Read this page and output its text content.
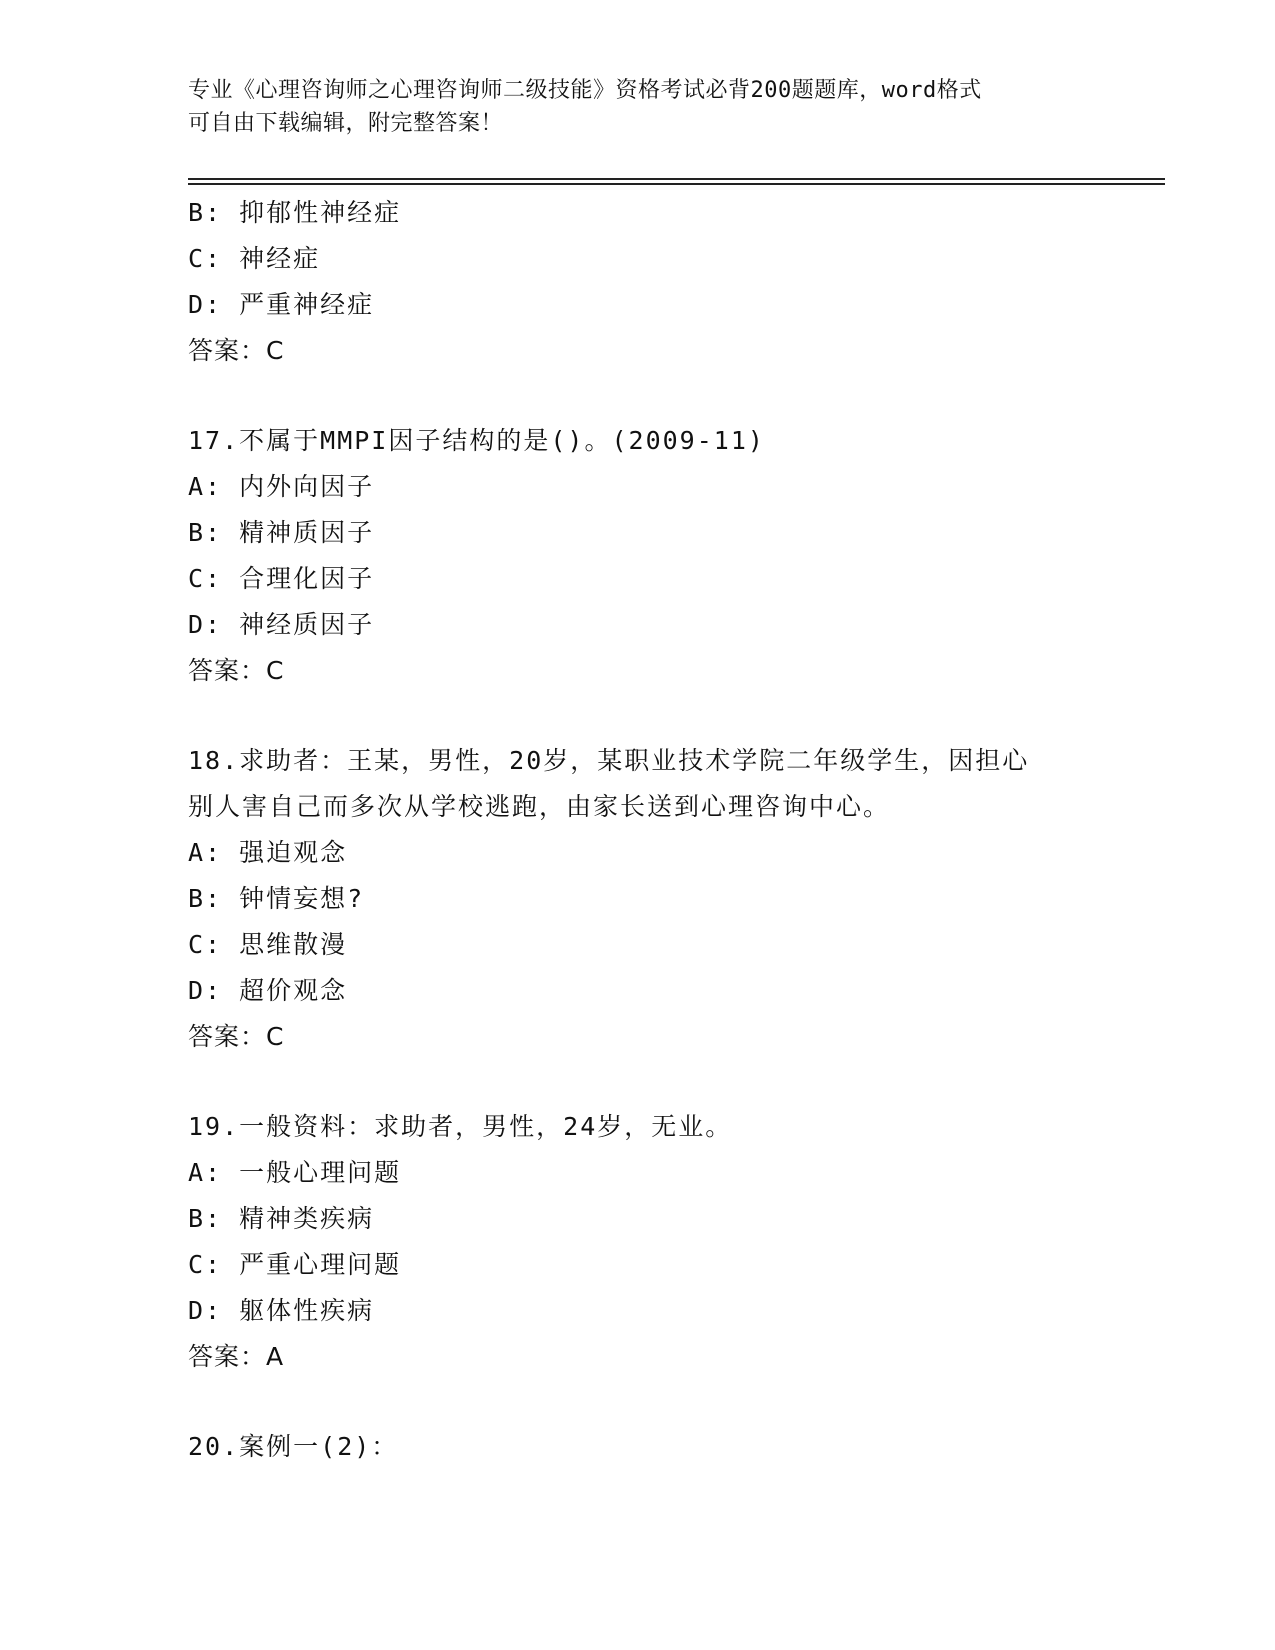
专业《心理咨询师之心理咨询师二级技能》资格考试必背200题题库，word格式
可自由下载编辑，附完整答案！
B: 抑郁性神经症
C: 神经症
D: 严重神经症
答案：C
17.不属于MMPI因子结构的是()。(2009-11)
A: 内外向因子
B: 精神质因子
C: 合理化因子
D: 神经质因子
答案：C
18.求助者：王某，男性，20岁，某职业技术学院二年级学生，因担心
别人害自己而多次从学校逃跑，由家长送到心理咨询中心。
A: 强迫观念
B: 钟情妄想?
C: 思维散漫
D: 超价观念
答案：C
19.一般资料：求助者，男性，24岁，无业。
A: 一般心理问题
B: 精神类疾病
C: 严重心理问题
D: 躯体性疾病
答案：A
20.案例一(2)：
